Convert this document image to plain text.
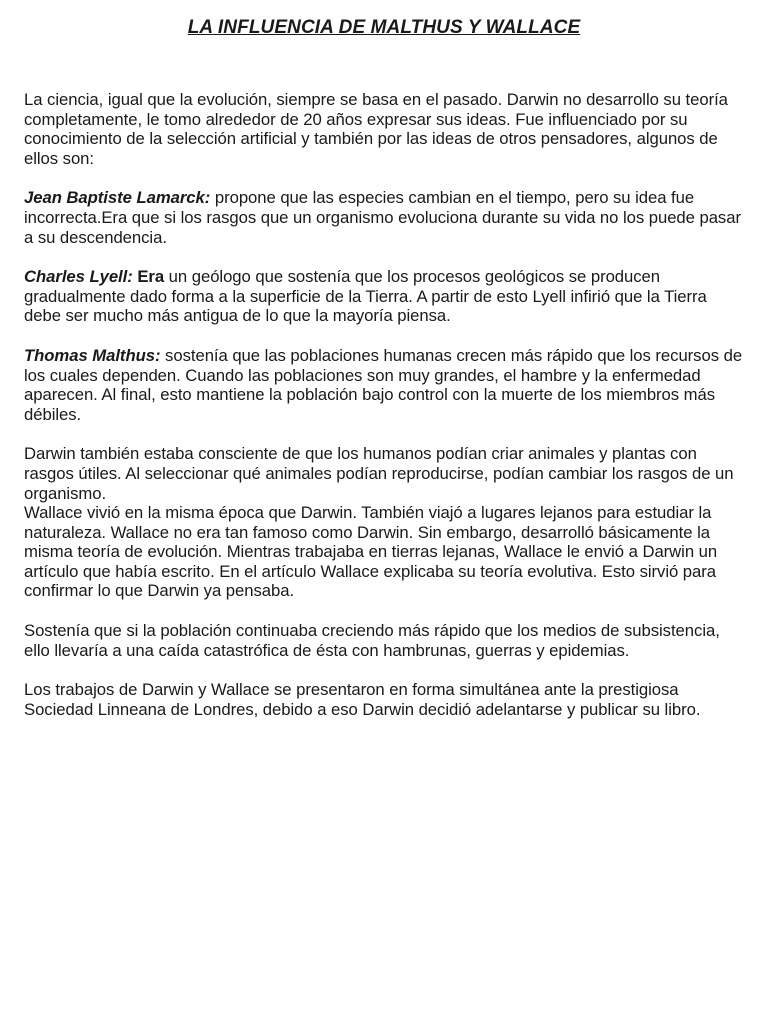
LA INFLUENCIA DE MALTHUS Y WALLACE

La ciencia, igual que la evolución, siempre se basa en el pasado. Darwin no desarrollo su teoría completamente, le tomo alrededor de 20 años expresar sus ideas. Fue influenciado por su conocimiento de la selección artificial y también por las ideas de otros pensadores, algunos de ellos son:

Jean Baptiste Lamarck: propone que las especies cambian en el tiempo, pero su idea fue incorrecta.Era que si los rasgos que un organismo evoluciona durante su vida no los puede pasar a su descendencia.

Charles Lyell: Era un geólogo que sostenía que los procesos geológicos se producen gradualmente dado forma a la superficie de la Tierra. A partir de esto Lyell infirió que la Tierra debe ser mucho más antigua de lo que la mayoría piensa.

Thomas Malthus: sostenía que las poblaciones humanas crecen más rápido que los recursos de los cuales dependen. Cuando las poblaciones son muy grandes, el hambre y la enfermedad aparecen. Al final, esto mantiene la población bajo control con la muerte de los miembros más débiles.

Darwin también estaba consciente de que los humanos podían criar animales y plantas con rasgos útiles. Al seleccionar qué animales podían reproducirse, podían cambiar los rasgos de un organismo.

Wallace vivió en la misma época que Darwin. También viajó a lugares lejanos para estudiar la naturaleza. Wallace no era tan famoso como Darwin. Sin embargo, desarrolló básicamente la misma teoría de evolución. Mientras trabajaba en tierras lejanas, Wallace le envió a Darwin un artículo que había escrito. En el artículo Wallace explicaba su teoría evolutiva. Esto sirvió para confirmar lo que Darwin ya pensaba.

Sostenía que si la población continuaba creciendo más rápido que los medios de subsistencia, ello llevaría a una caída catastrófica de ésta con hambrunas, guerras y epidemias.

Los trabajos de Darwin y Wallace se presentaron en forma simultánea ante la prestigiosa Sociedad Linneana de Londres, debido a eso Darwin decidió adelantarse y publicar su libro.
